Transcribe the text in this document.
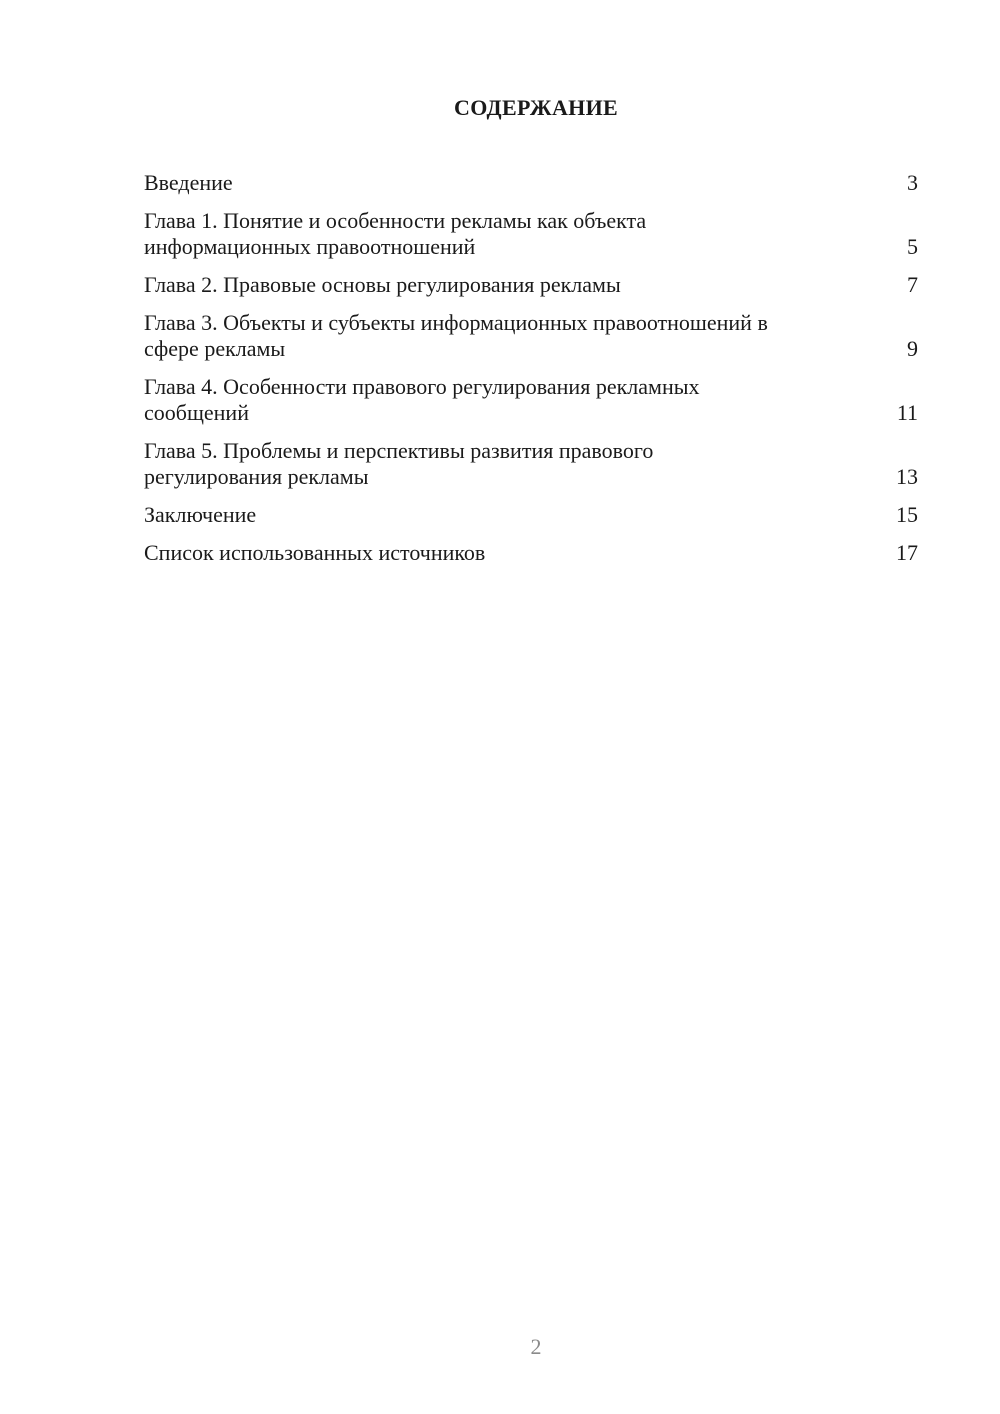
СОДЕРЖАНИЕ
Введение	3
Глава 1. Понятие и особенности рекламы как объекта информационных правоотношений	5
Глава 2. Правовые основы регулирования рекламы	7
Глава 3. Объекты и субъекты информационных правоотношений в сфере рекламы	9
Глава 4. Особенности правового регулирования рекламных сообщений	11
Глава 5. Проблемы и перспективы развития правового регулирования рекламы	13
Заключение	15
Список использованных источников	17
2
